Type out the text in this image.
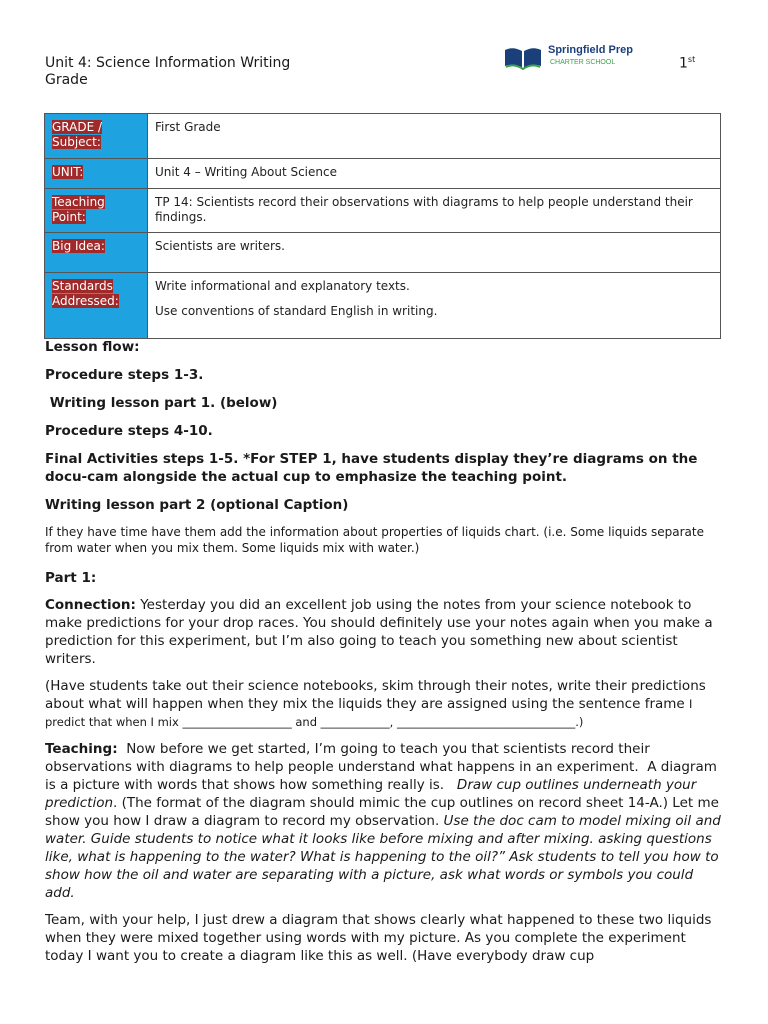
Unit 4: Science Information Writing
Grade
Springfield Prep
CHARTER SCHOOL	1st
GRADE / Subject:	First Grade
UNIT:	Unit 4 – Writing About Science
Teaching Point:	TP 14: Scientists record their observations with diagrams to help people understand their findings.
Big Idea:	Scientists are writers.
Standards Addressed:	Write informational and explanatory texts.
Use conventions of standard English in writing.

Lesson flow:

Procedure steps 1-3.

Writing lesson part 1. (below)

Procedure steps 4-10.

Final Activities steps 1-5. *For STEP 1, have students display they’re diagrams on the docu-cam alongside the actual cup to emphasize the teaching point.

Writing lesson part 2 (optional Caption)

If they have time have them add the information about properties of liquids chart. (i.e. Some liquids separate from water when you mix them. Some liquids mix with water.)

Part 1:

Connection: Yesterday you did an excellent job using the notes from your science notebook to make predictions for your drop races. You should definitely use your notes again when you make a prediction for this experiment, but I’m also going to teach you something new about scientist writers.

(Have students take out their science notebooks, skim through their notes, write their predictions about what will happen when they mix the liquids they are assigned using the sentence frame I predict that when I mix ___________________ and ____________, _______________________________.)

Teaching:  Now before we get started, I’m going to teach you that scientists record their observations with diagrams to help people understand what happens in an experiment.  A diagram is a picture with words that shows how something really is.   Draw cup outlines underneath your prediction. (The format of the diagram should mimic the cup outlines on record sheet 14-A.) Let me show you how I draw a diagram to record my observation. Use the doc cam to model mixing oil and water. Guide students to notice what it looks like before mixing and after mixing. asking questions like, what is happening to the water? What is happening to the oil?” Ask students to tell you how to show how the oil and water are separating with a picture, ask what words or symbols you could add.

Team, with your help, I just drew a diagram that shows clearly what happened to these two liquids when they were mixed together using words with my picture. As you complete the experiment today I want you to create a diagram like this as well. (Have everybody draw cup
